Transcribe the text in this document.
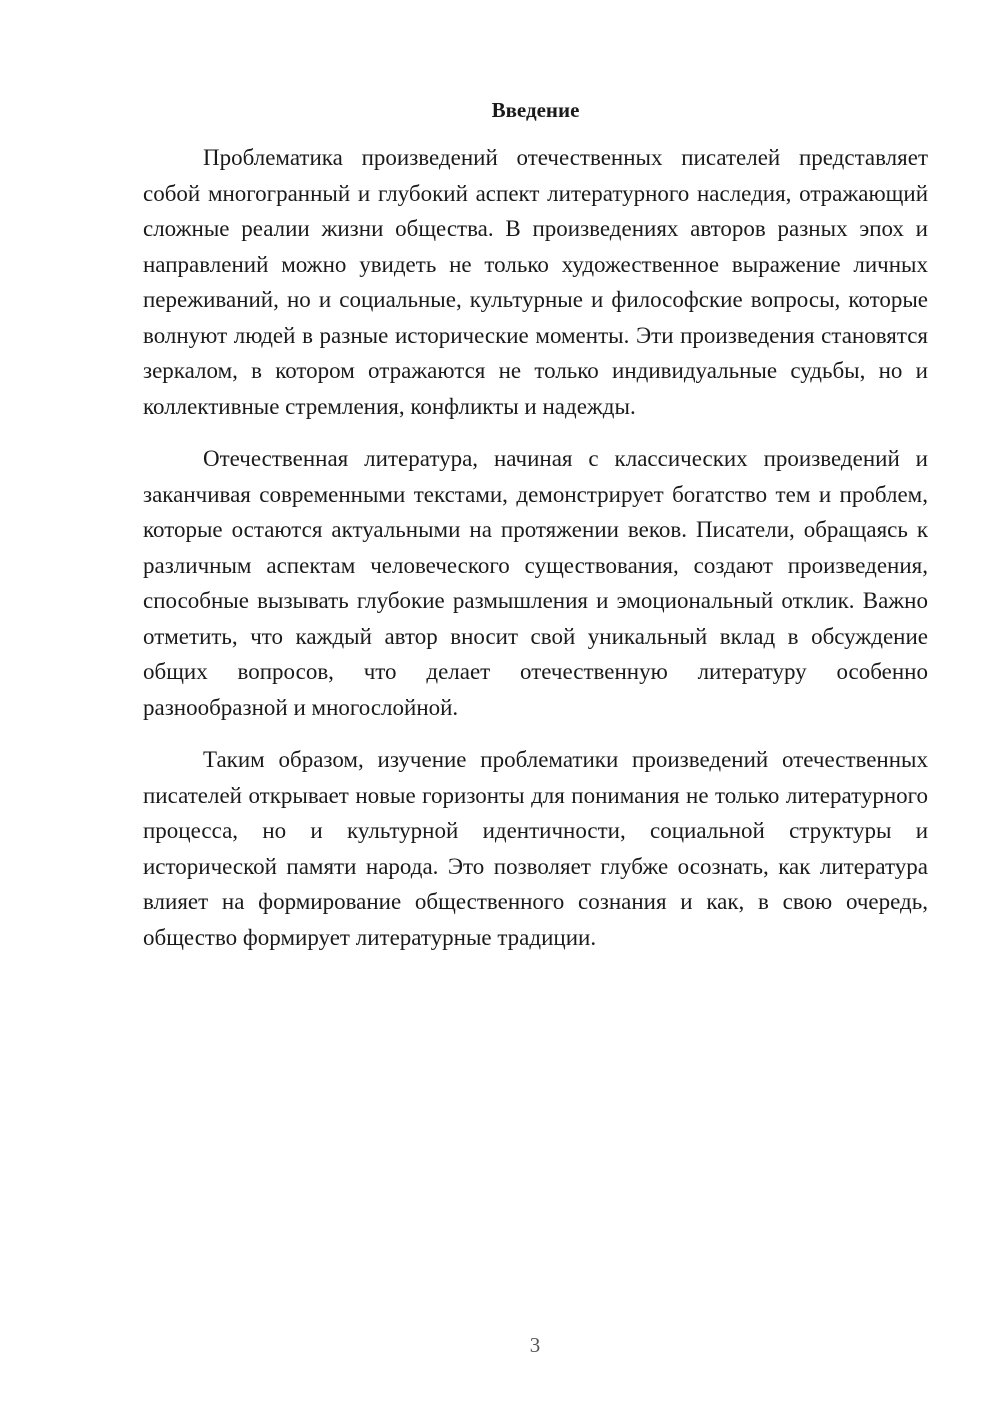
Введение

Проблематика произведений отечественных писателей представляет собой многогранный и глубокий аспект литературного наследия, отражающий сложные реалии жизни общества. В произведениях авторов разных эпох и направлений можно увидеть не только художественное выражение личных переживаний, но и социальные, культурные и философские вопросы, которые волнуют людей в разные исторические моменты. Эти произведения становятся зеркалом, в котором отражаются не только индивидуальные судьбы, но и коллективные стремления, конфликты и надежды.

Отечественная литература, начиная с классических произведений и заканчивая современными текстами, демонстрирует богатство тем и проблем, которые остаются актуальными на протяжении веков. Писатели, обращаясь к различным аспектам человеческого существования, создают произведения, способные вызывать глубокие размышления и эмоциональный отклик. Важно отметить, что каждый автор вносит свой уникальный вклад в обсуждение общих вопросов, что делает отечественную литературу особенно разнообразной и многослойной.

Таким образом, изучение проблематики произведений отечественных писателей открывает новые горизонты для понимания не только литературного процесса, но и культурной идентичности, социальной структуры и исторической памяти народа. Это позволяет глубже осознать, как литература влияет на формирование общественного сознания и как, в свою очередь, общество формирует литературные традиции.

3
